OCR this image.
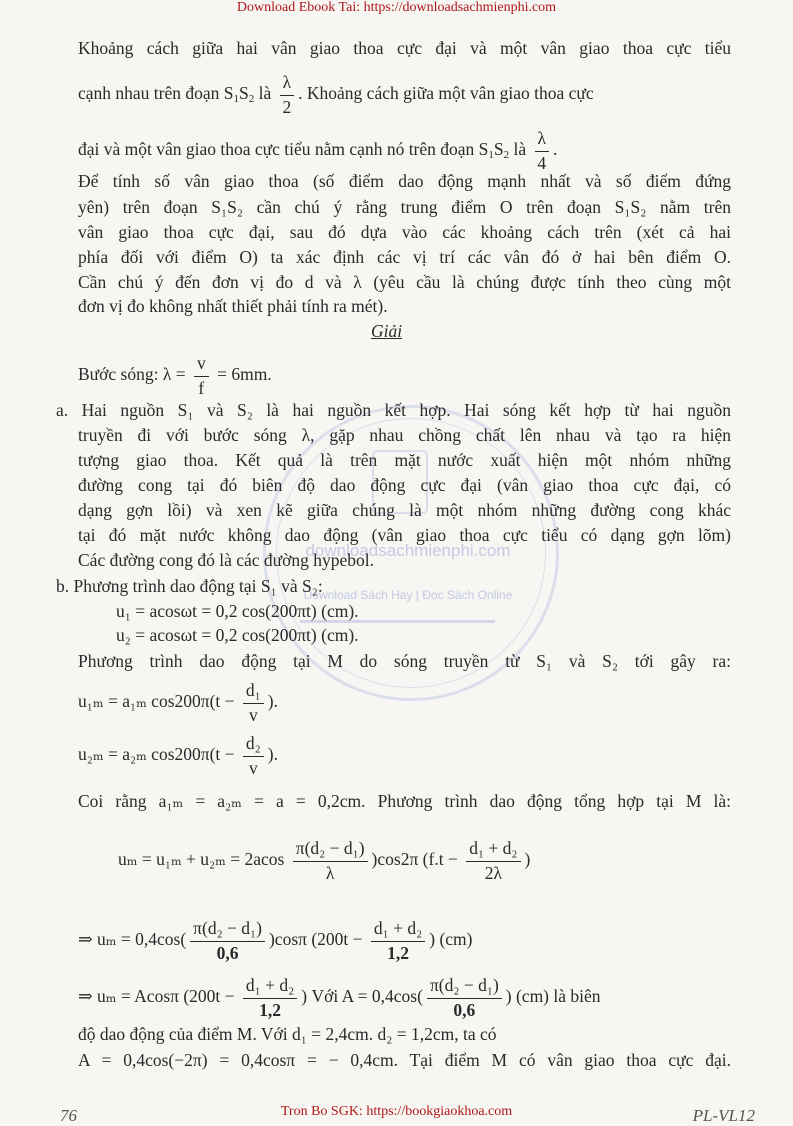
downloadsachmienphi.com
Download Sách Hay | Đọc Sách Online
Download Ebook Tai: https://downloadsachmienphi.com
Khoảng cách giữa hai vân giao thoa cực đại và một vân giao thoa cực tiểu
cạnh nhau trên đoạn $S_1S_2$ là $\frac{\lambda}{2}$ . Khoảng cách giữa một vân giao thoa cực
đại và một vân giao thoa cực tiểu nằm cạnh nó trên đoạn $S_1S_2$ là $\frac{\lambda}{4}$ .
Để tính số vân giao thoa (số điểm dao động mạnh nhất và số điểm đứng
yên) trên đoạn S₁S₂ cần chú ý rằng trung điểm O trên đoạn S₁S₂ nằm trên
vân giao thoa cực đại, sau đó dựa vào các khoảng cách trên (xét cả hai
phía đối với điểm O) ta xác định các vị trí các vân đó ở hai bên điểm O.
Cần chú ý đến đơn vị đo d và λ (yêu cầu là chúng được tính theo cùng một
đơn vị đo không nhất thiết phải tính ra mét).
Giải
Bước sóng: $\lambda = \frac{v}{f} = 6mm$.
a. Hai nguồn S₁ và S₂ là hai nguồn kết hợp. Hai sóng kết hợp từ hai nguồn
truyền đi với bước sóng λ, gặp nhau chồng chất lên nhau và tạo ra hiện
tượng giao thoa. Kết quả là trên mặt nước xuất hiện một nhóm những
đường cong tại đó biên độ dao động cực đại (vân giao thoa cực đại, có
dạng gợn lồi) và xen kẽ giữa chúng là một nhóm những đường cong khác
tại đó mặt nước không dao động (vân giao thoa cực tiểu có dạng gợn lõm)
Các đường cong đó là các đường hypebol.
b. Phương trình dao động tại S₁ và S₂:
u₁ = acosωt = 0,2 cos(200πt) (cm).
u₂ = acosωt = 0,2 cos(200πt) (cm).
Phương trình dao động tại M do sóng truyền từ S₁ và S₂ tới gây ra:
u₁ₘ = a₁ₘ $\cos 200\pi(t - \frac{\text{d₁}}{v}$ ).
u₂ₘ = a₂ₘ $\cos 200\pi(t - \frac{\text{d₂}}{v}$ ).
Coi rằng a₁ₘ = a₂ₘ = a = 0,2cm. Phương trình dao động tổng hợp tại M là:
$u_m = u_{1m} + u_{2m} = 2acos \frac{\text{π(d₂ − d₁)}}{\lambda} )\cos 2\pi$ ($f.t - \frac{\text{d₁ + d₂}}{2\lambda}$ )
⇒ $u_m = 0,4\cos( \frac{\text{π(d₂ − d₁)}}{0,6} )\cos\pi$ ($200t - \frac{\text{d₁ + d₂}}{1,2}$ ) (cm)
⇒ uₘ = Acosπ ($200t - \frac{\text{d₁ + d₂}}{1,2}$ ) Với $A = 0,4\cos( \frac{\text{π(d₂ − d₁)}}{0,6}$ ) (cm) là biên
độ dao động của điểm M. Với d₁ = 2,4cm. d₂ = 1,2cm, ta có
A = 0,4cos(−2π) = 0,4cosπ = − 0,4cm. Tại điểm M có vân giao thoa cực đại.
76	Tron Bo SGK: https://bookgiaokhoa.com	PL-VL12
